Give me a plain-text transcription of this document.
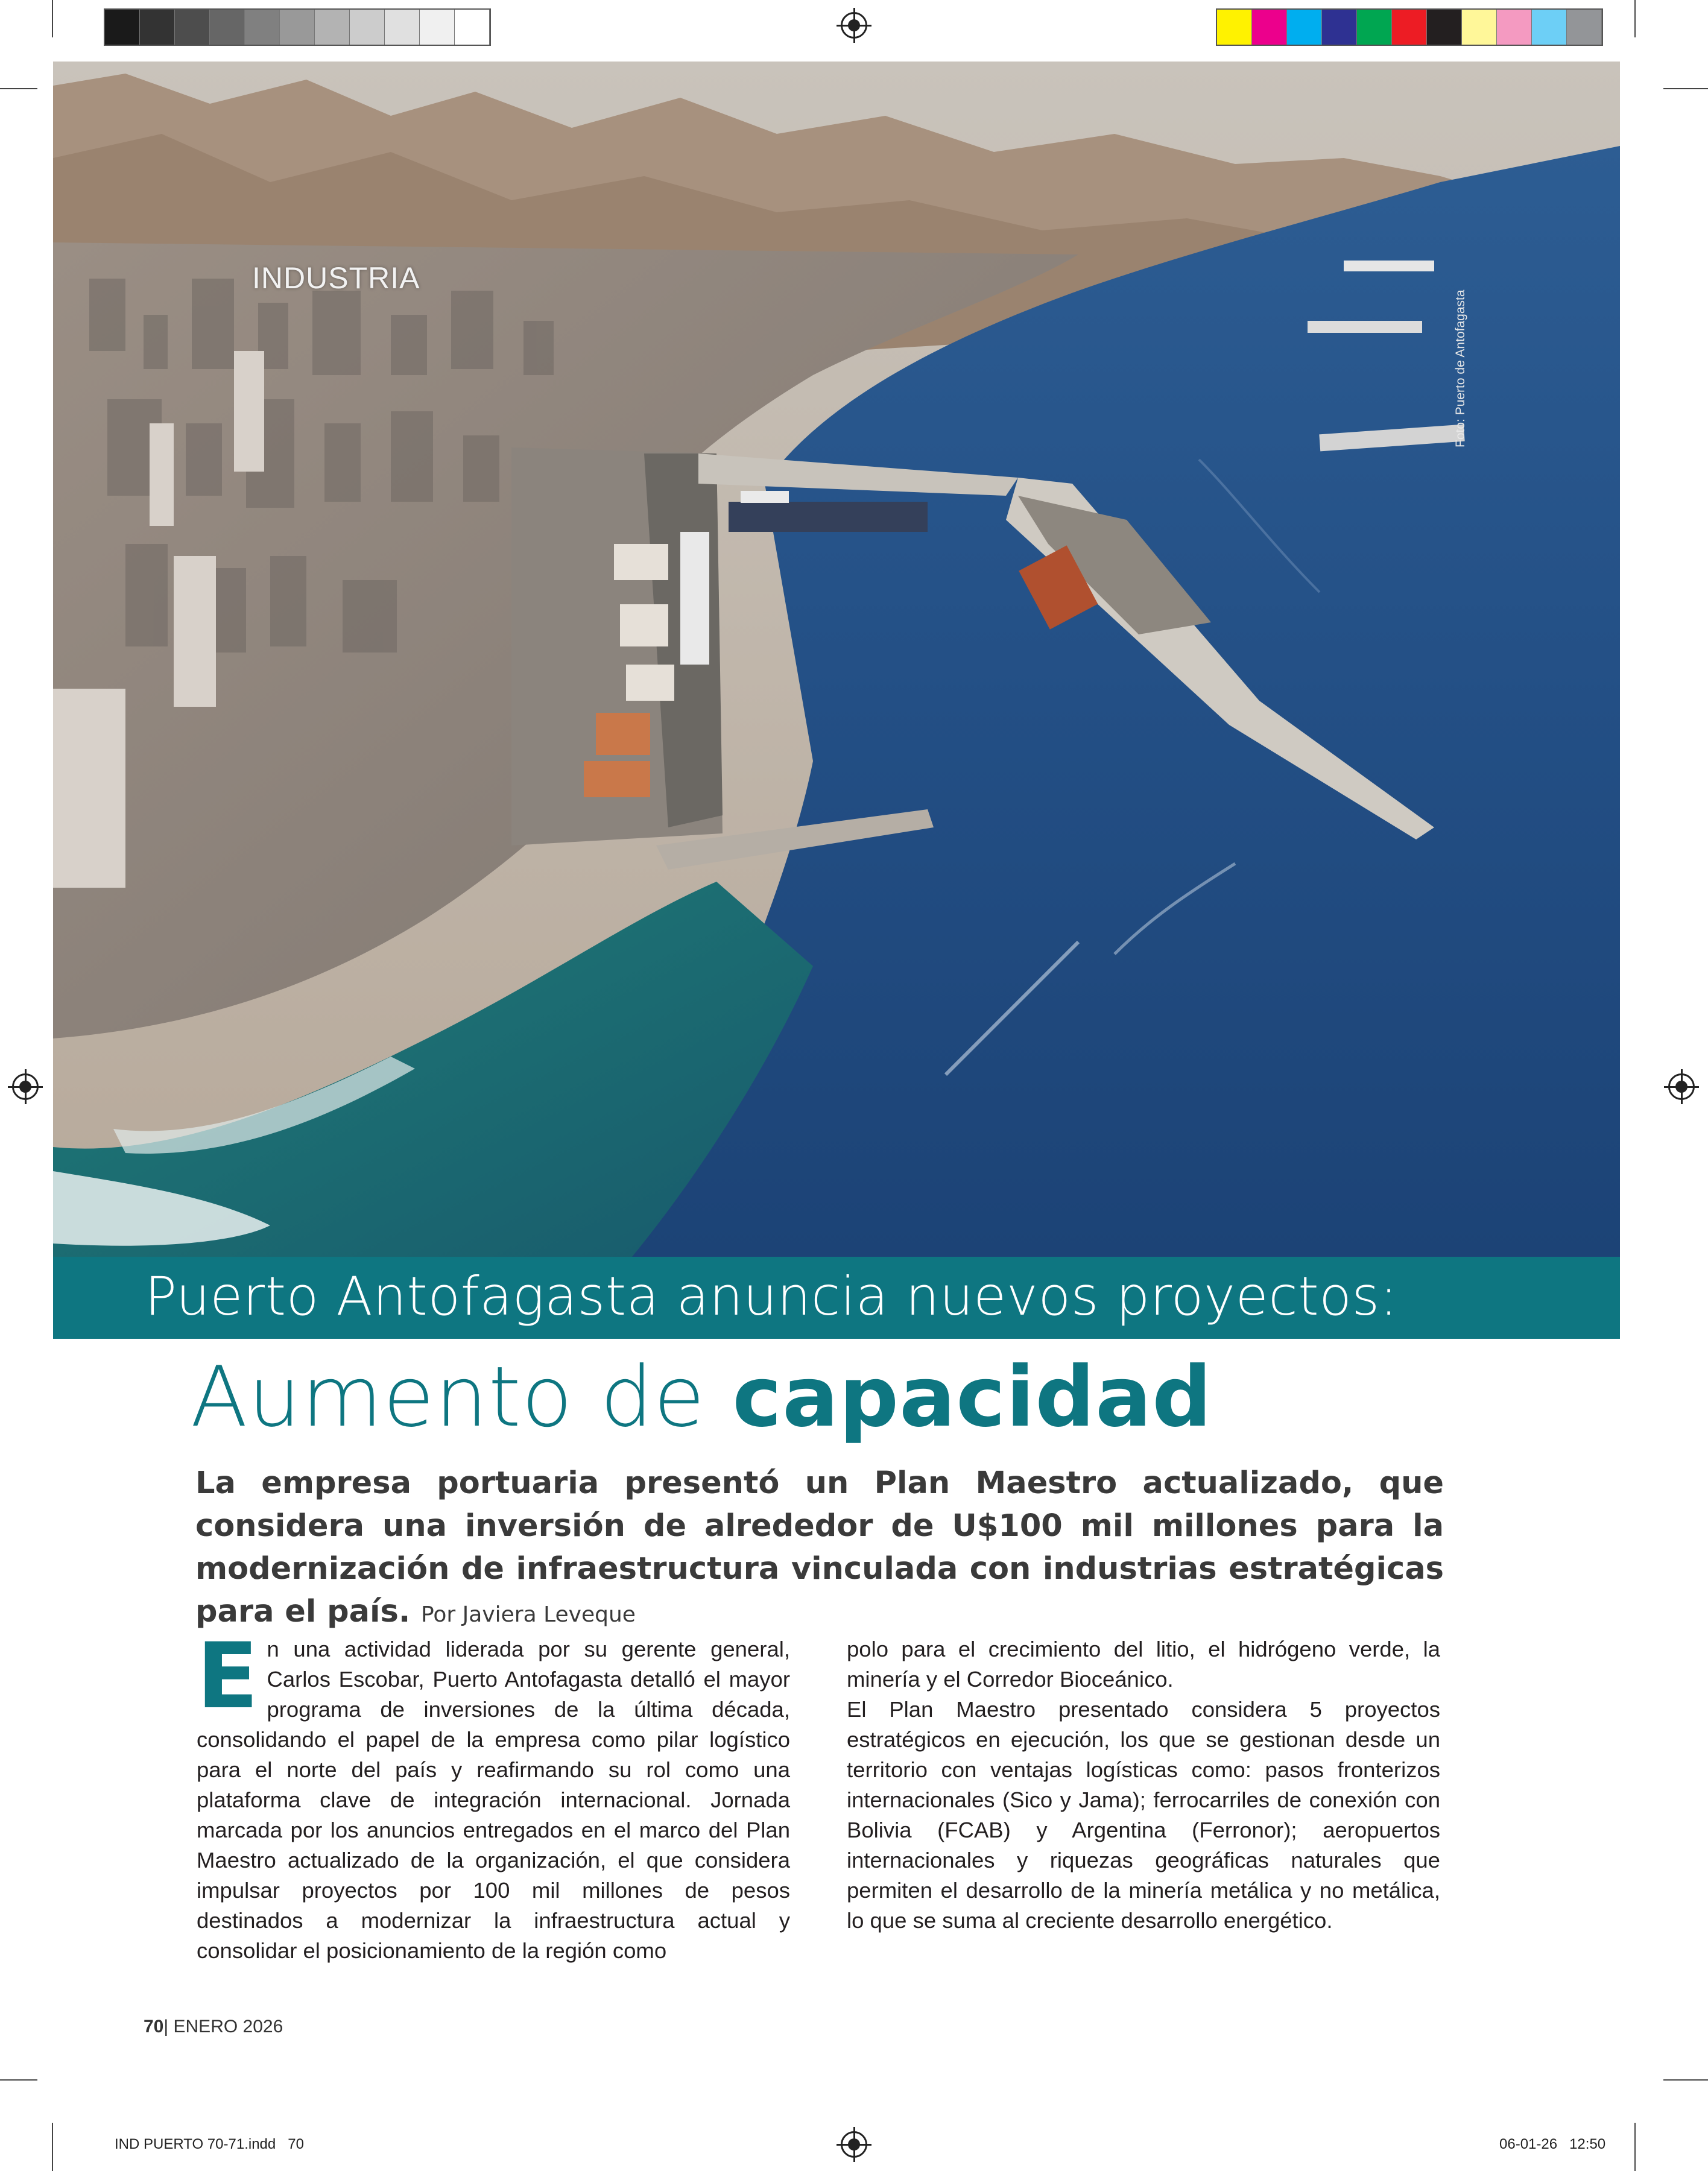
INDUSTRIA
Foto: Puerto de Antofagasta
Puerto Antofagasta anuncia nuevos proyectos:
Aumento de capacidad
La empresa portuaria presentó un Plan Maestro actualizado, que considera una inversión de alrededor de U$100 mil millones para la modernización de infraestructura vinculada con industrias estratégicas para el país. Por Javiera Leveque
E n una actividad liderada por su gerente general, Carlos Escobar, Puerto Antofagasta detalló el mayor programa de inversiones de la última década, consolidando el papel de la empresa como pilar logístico para el norte del país y reafirmando su rol como una plataforma clave de integración internacional. Jornada marcada por los anuncios entregados en el marco del Plan Maestro actualizado de la organización, el que considera impulsar proyectos por 100 mil millones de pesos destinados a modernizar la infraestructura actual y consolidar el posicionamiento de la región como

polo para el crecimiento del litio, el hidrógeno verde, la minería y el Corredor Bioceánico.

El Plan Maestro presentado considera 5 proyectos estratégicos en ejecución, los que se gestionan desde un territorio con ventajas logísticas como: pasos fronterizos internacionales (Sico y Jama); ferrocarriles de conexión con Bolivia (FCAB) y Argentina (Ferronor); aeropuertos internacionales y riquezas geográficas naturales que permiten el desarrollo de la minería metálica y no metálica, lo que se suma al creciente desarrollo energético.

70| ENERO 2026
IND PUERTO 70-71.indd   70	06-01-26   12:50
